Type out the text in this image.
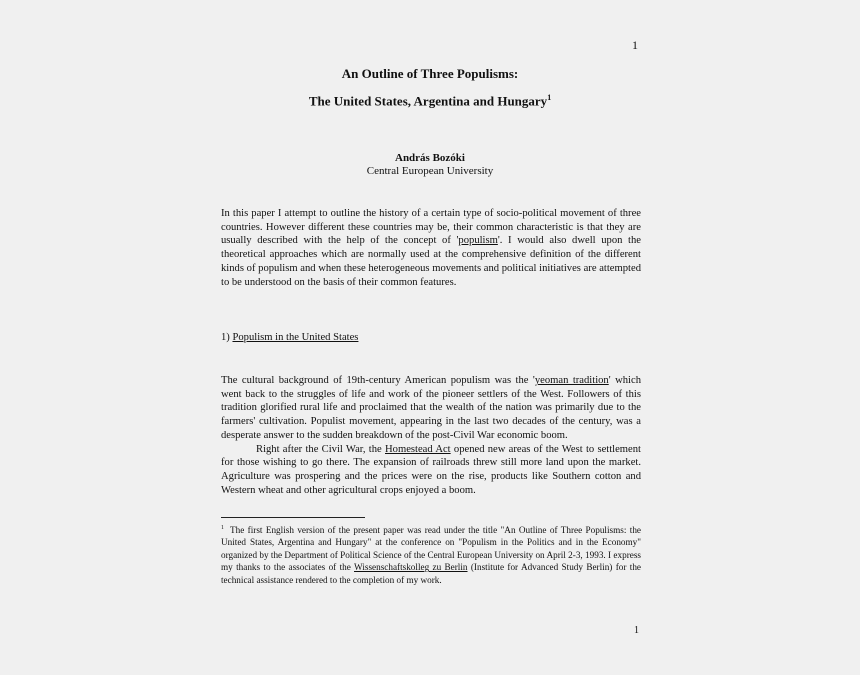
1
An Outline of Three Populisms:
The United States, Argentina and Hungary$^1$
András Bozóki
Central European University
In this paper I attempt to outline the history of a certain type of socio-political movement of three countries. However different these countries may be, their common characteristic is that they are usually described with the help of the concept of 'populism'. I would also dwell upon the theoretical approaches which are normally used at the comprehensive definition of the different kinds of populism and when these heterogeneous movements and political initiatives are attempted to be understood on the basis of their common features.
1) Populism in the United States
The cultural background of 19th-century American populism was the 'yeoman tradition' which went back to the struggles of life and work of the pioneer settlers of the West. Followers of this tradition glorified rural life and proclaimed that the wealth of the nation was primarily due to the farmers' cultivation. Populist movement, appearing in the last two decades of the century, was a desperate answer to the sudden breakdown of the post-Civil War economic boom.
Right after the Civil War, the Homestead Act opened new areas of the West to settlement for those wishing to go there. The expansion of railroads threw still more land upon the market. Agriculture was prospering and the prices were on the rise, products like Southern cotton and Western wheat and other agricultural crops enjoyed a boom.
$^1$ The first English version of the present paper was read under the title "An Outline of Three Populisms: the United States, Argentina and Hungary" at the conference on "Populism in the Politics and in the Economy" organized by the Department of Political Science of the Central European University on April 2-3, 1993. I express my thanks to the associates of the Wissenschaftskolleg zu Berlin (Institute for Advanced Study Berlin) for the technical assistance rendered to the completion of my work.
1
